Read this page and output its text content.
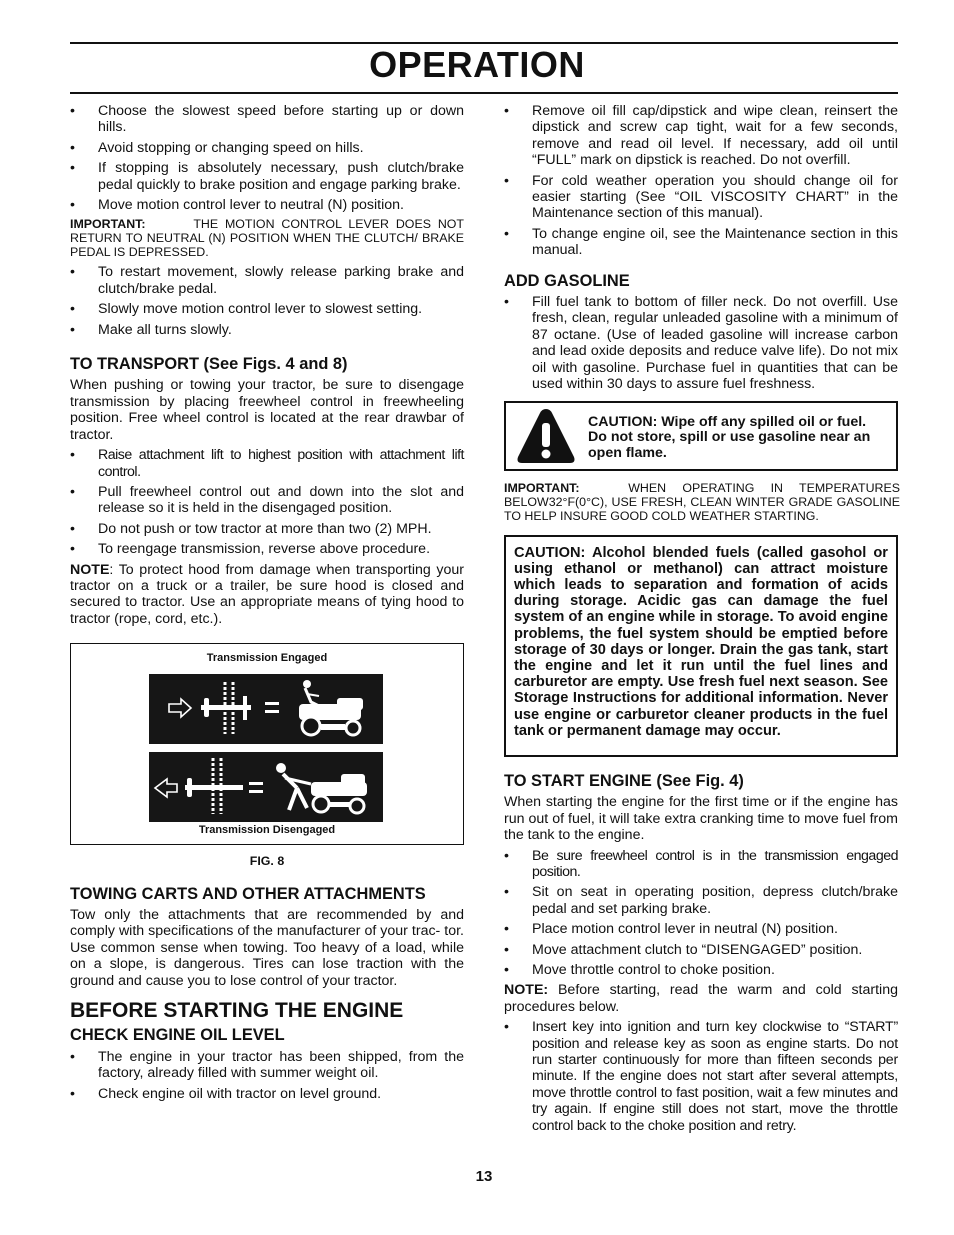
OPERATION
• Choose the slowest speed before starting up or down hills.
• Avoid stopping or changing speed on hills.
• If stopping is absolutely necessary, push clutch/brake pedal quickly to brake position and engage parking brake.
• Move motion control lever to neutral (N) position.
IMPORTANT:	THE MOTION CONTROL LEVER DOES NOT RETURN TO NEUTRAL (N) POSITION WHEN THE CLUTCH/ BRAKE PEDAL IS DEPRESSED.
• To restart movement, slowly release parking brake and clutch/brake pedal.
• Slowly move motion control lever to slowest setting.
• Make all turns slowly.
TO TRANSPORT (See Figs. 4 and 8)
When pushing or towing your tractor, be sure to disengage transmission by placing freewheel control in freewheeling position. Free wheel control is located at the rear drawbar of tractor.
• Raise attachment lift to highest position with attachment lift control.
• Pull freewheel control out and down into the slot and release so it is held in the disengaged position.
• Do not push or tow tractor at more than two (2) MPH.
• To reengage transmission, reverse above procedure.
NOTE: To protect hood from damage when transporting your tractor on a truck or a trailer, be sure hood is closed and secured to tractor. Use an appropriate means of tying hood to tractor (rope, cord, etc.).
Transmission Engaged
Transmission Disengaged
FIG. 8
TOWING CARTS AND OTHER ATTACHMENTS
Tow only the attachments that are recommended by and comply with specifications of the manufacturer of your trac- tor. Use common sense when towing. Too heavy of a load, while on a slope, is dangerous. Tires can lose traction with the ground and cause you to lose control of your tractor.
BEFORE STARTING THE ENGINE
CHECK ENGINE OIL LEVEL
• The engine in your tractor has been shipped, from the factory, already filled with summer weight oil.
• Check engine oil with tractor on level ground.
• Remove oil fill cap/dipstick and wipe clean, reinsert the dipstick and screw cap tight, wait for a few seconds, remove and read oil level. If necessary, add oil until “FULL” mark on dipstick is reached. Do not overfill.
• For cold weather operation you should change oil for easier starting (See “OIL VISCOSITY CHART” in the Maintenance section of this manual).
• To change engine oil, see the Maintenance section in this manual.
ADD GASOLINE
• Fill fuel tank to bottom of filler neck. Do not overfill. Use fresh, clean, regular unleaded gasoline with a minimum of 87 octane. (Use of leaded gasoline will increase carbon and lead oxide deposits and reduce valve life). Do not mix oil with gasoline. Purchase fuel in quantities that can be used within 30 days to assure fuel freshness.
CAUTION: Wipe off any spilled oil or fuel. Do not store, spill or use gasoline near an open flame.
IMPORTANT:	WHEN OPERATING IN TEMPERATURES BELOW32°F(0°C), USE FRESH, CLEAN WINTER GRADE GASOLINE TO HELP INSURE GOOD COLD WEATHER STARTING.
CAUTION: Alcohol blended fuels (called gasohol or using ethanol or methanol) can attract moisture which leads to separation and formation of acids during storage. Acidic gas can damage the fuel system of an engine while in storage. To avoid engine problems, the fuel system should be emptied before storage of 30 days or longer. Drain the gas tank, start the engine and let it run until the fuel lines and carburetor are empty. Use fresh fuel next season. See Storage Instructions for additional information. Never use engine or carburetor cleaner products in the fuel tank or permanent damage may occur.
TO START ENGINE (See Fig. 4)
When starting the engine for the first time or if the engine has run out of fuel, it will take extra cranking time to move fuel from the tank to the engine.
• Be sure freewheel control is in the transmission engaged position.
• Sit on seat in operating position, depress clutch/brake pedal and set parking brake.
• Place motion control lever in neutral (N) position.
• Move attachment clutch to “DISENGAGED” position.
• Move throttle control to choke position.
NOTE: Before starting, read the warm and cold starting procedures below.
• Insert key into ignition and turn key clockwise to “START” position and release key as soon as engine starts. Do not run starter continuously for more than fifteen seconds per minute. If the engine does not start after several attempts, move throttle control to fast position, wait a few minutes and try again. If engine still does not start, move the throttle control back to the choke position and retry.
13
